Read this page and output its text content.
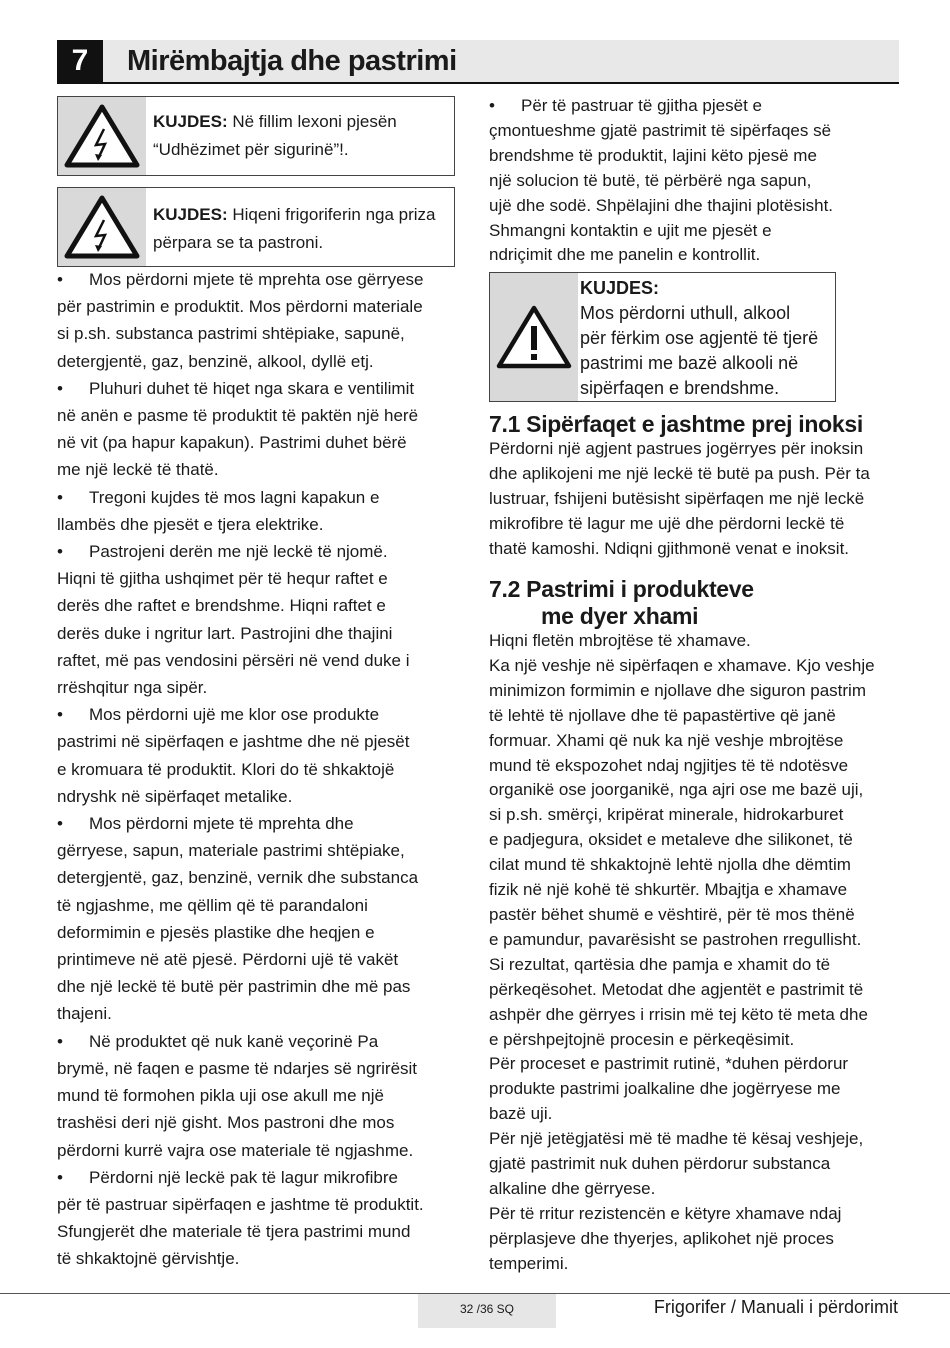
7	Mirëmbajtja dhe pastrimi
KUJDES: Në fillim lexoni pjesën
“Udhëzimet për sigurinë”!.
KUJDES: Hiqeni frigoriferin nga priza
përpara se ta pastroni.
• Mos përdorni mjete të mprehta ose gërryese
për pastrimin e produktit. Mos përdorni materiale
si p.sh. substanca pastrimi shtëpiake, sapunë,
detergjentë, gaz, benzinë, alkool, dyllë etj.
• Pluhuri duhet të hiqet nga skara e ventilimit
në anën e pasme të produktit të paktën një herë
në vit (pa hapur kapakun). Pastrimi duhet bërë
me një leckë të thatë.
• Tregoni kujdes të mos lagni kapakun e
llambës dhe pjesët e tjera elektrike.
• Pastrojeni derën me një leckë të njomë.
Hiqni të gjitha ushqimet për të hequr raftet e
derës dhe raftet e brendshme. Hiqni raftet e
derës duke i ngritur lart. Pastrojini dhe thajini
raftet, më pas vendosini përsëri në vend duke i
rrëshqitur nga sipër.
• Mos përdorni ujë me klor ose produkte
pastrimi në sipërfaqen e jashtme dhe në pjesët
e kromuara të produktit. Klori do të shkaktojë
ndryshk në sipërfaqet metalike.
• Mos përdorni mjete të mprehta dhe
gërryese, sapun, materiale pastrimi shtëpiake,
detergjentë, gaz, benzinë, vernik dhe substanca
të ngjashme, me qëllim që të parandaloni
deformimin e pjesës plastike dhe heqjen e
printimeve në atë pjesë. Përdorni ujë të vakët
dhe një leckë të butë për pastrimin dhe më pas
thajeni.
• Në produktet që nuk kanë veçorinë Pa
brymë, në faqen e pasme të ndarjes së ngrirësit
mund të formohen pikla uji ose akull me një
trashësi deri një gisht. Mos pastroni dhe mos
përdorni kurrë vajra ose materiale të ngjashme.
• Përdorni një leckë pak të lagur mikrofibre
për të pastruar sipërfaqen e jashtme të produktit.
Sfungjerët dhe materiale të tjera pastrimi mund
të shkaktojnë gërvishtje.
• Për të pastruar të gjitha pjesët e
çmontueshme gjatë pastrimit të sipërfaqes së
brendshme të produktit, lajini këto pjesë me
një solucion të butë, të përbërë nga sapun,
ujë dhe sodë. Shpëlajini dhe thajini plotësisht.
Shmangni kontaktin e ujit me pjesët e
ndriçimit dhe me panelin e kontrollit.
KUJDES:
Mos përdorni uthull, alkool
për fërkim ose agjentë të tjerë
pastrimi me bazë alkooli në
sipërfaqen e brendshme.
7.1 Sipërfaqet e jashtme prej inoksi
Përdorni një agjent pastrues jogërryes për inoksin
dhe aplikojeni me një leckë të butë pa push. Për ta
lustruar, fshijeni butësisht sipërfaqen me një leckë
mikrofibre të lagur me ujë dhe përdorni leckë të
thatë kamoshi. Ndiqni gjithmonë venat e inoksit.
7.2 Pastrimi i produkteve
me dyer xhami
Hiqni fletën mbrojtëse të xhamave.
Ka një veshje në sipërfaqen e xhamave. Kjo veshje
minimizon formimin e njollave dhe siguron pastrim
të lehtë të njollave dhe të papastërtive që janë
formuar. Xhami që nuk ka një veshje mbrojtëse
mund të ekspozohet ndaj ngjitjes të të ndotësve
organikë ose joorganikë, nga ajri ose me bazë uji,
si p.sh. smërçi, kripërat minerale, hidrokarburet
e padjegura, oksidet e metaleve dhe silikonet, të
cilat mund të shkaktojnë lehtë njolla dhe dëmtim
fizik në një kohë të shkurtër. Mbajtja e xhamave
pastër bëhet shumë e vështirë, për të mos thënë
e pamundur, pavarësisht se pastrohen rregullisht.
Si rezultat, qartësia dhe pamja e xhamit do të
përkeqësohet. Metodat dhe agjentët e pastrimit të
ashpër dhe gërryes i rrisin më tej këto të meta dhe
e përshpejtojnë procesin e përkeqësimit.
Për proceset e pastrimit rutinë, *duhen përdorur
produkte pastrimi joalkaline dhe jogërryese me
bazë uji.
Për një jetëgjatësi më të madhe të kësaj veshjeje,
gjatë pastrimit nuk duhen përdorur substanca
alkaline dhe gërryese.
Për të rritur rezistencën e këtyre xhamave ndaj
përplasjeve dhe thyerjes, aplikohet një proces
temperimi.
32 /36 SQ	Frigorifer / Manuali i përdorimit
